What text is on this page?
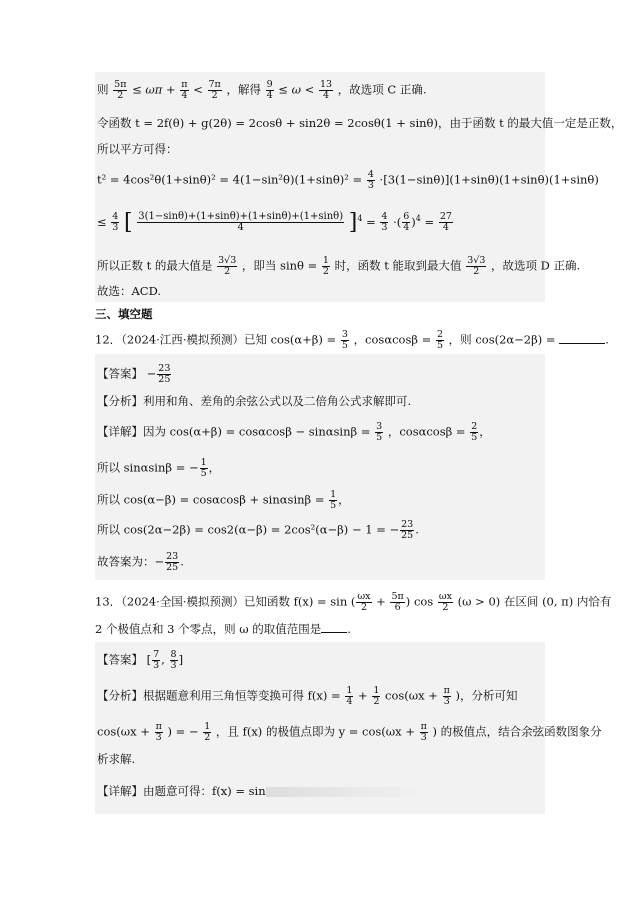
则 $\frac{5\pi}{2} \le \omega\pi + \frac{\pi}{4} < \frac{7\pi}{2}$ ，解得 $\frac{9}{4} \le \omega < \frac{13}{4}$ ，故选项 C 正确.
令函数 t = 2f(θ) + g(2θ) = 2cosθ + sin2θ = 2cosθ(1 + sinθ)，由于函数 t 的最大值一定是正数，
所以平方可得：
$t^2 = 4\cos^2\theta(1+\sin\theta)^2 = 4(1-\sin^2\theta)(1+\sin\theta)^2 = \frac{4}{3} \cdot[3(1-\sin\theta)](1+\sin\theta)(1+\sin\theta)(1+\sin\theta)$
≤ $\frac{4}{3}$ [ $\frac{3(1-\sin\theta)+(1+\sin\theta)+(1+\sin\theta)+(1+\sin\theta)}{4} ]^4 = \frac{4}{3}$ ·( $\frac{6}{4} )^4 = \frac{27}{4}$
所以正数 t 的最大值是 $\frac{3√3}{2}$ ，即当 $\sin\theta = \frac{1}{2}$ 时，函数 t 能取到最大值 $\frac{3√3}{2}$ ，故选项 D 正确.
故选：ACD.
三、填空题
12．（2024·江西·模拟预测）已知 $\cos(\alpha+\beta) = \frac{3}{5}$ ，$\cos\alpha\cos\beta = \frac{2}{5}$ ，则 cos(2α−2β) =	.
【答案】 − $\frac{23}{25}$
【分析】利用和角、差角的余弦公式以及二倍角公式求解即可.
【详解】因为 $\cos(\alpha+\beta) = \cos\alpha\cos\beta - \sin\alpha\sin\beta = \frac{3}{5}$ ，$\cos\alpha\cos\beta = \frac{2}{5}$ ，
所以 sinαsinβ = − $\frac{1}{5}$ ，
所以 $\cos(\alpha-\beta) = \cos\alpha\cos\beta + \sin\alpha\sin\beta = \frac{1}{5}$ ，
所以 cos(2α−2β) = cos2(α−β) = 2cos²(α−β) − 1 = − $\frac{23}{25}$ .
故答案为：− $\frac{23}{25}$ .
13．（2024·全国·模拟预测）已知函数 f(x) = sin ( $\frac{\omega x}{2} + \frac{5\pi}{6}$ ) $\cos \frac{\omega x}{2} (\omega > 0)$ 在区间 (0, π) 内恰有
2 个极值点和 3 个零点，则 ω 的取值范围是 .
【答案】 [ $\frac{7}{3}$ , $\frac{8}{3}$ ]
【分析】根据题意利用三角恒等变换可得 $f(x) = \frac{1}{4} + \frac{1}{2} \cos(\omega x + \frac{\pi}{3}$ )，分析可知
$\cos(\omega x + \frac{\pi}{3}$ ) = − $\frac{1}{2}$ ，且 f(x) 的极值点即为 $y = \cos(\omega x + \frac{\pi}{3}$ ) 的极值点，结合余弦函数图象分
析求解.
【详解】由题意可得：f(x) = sin
